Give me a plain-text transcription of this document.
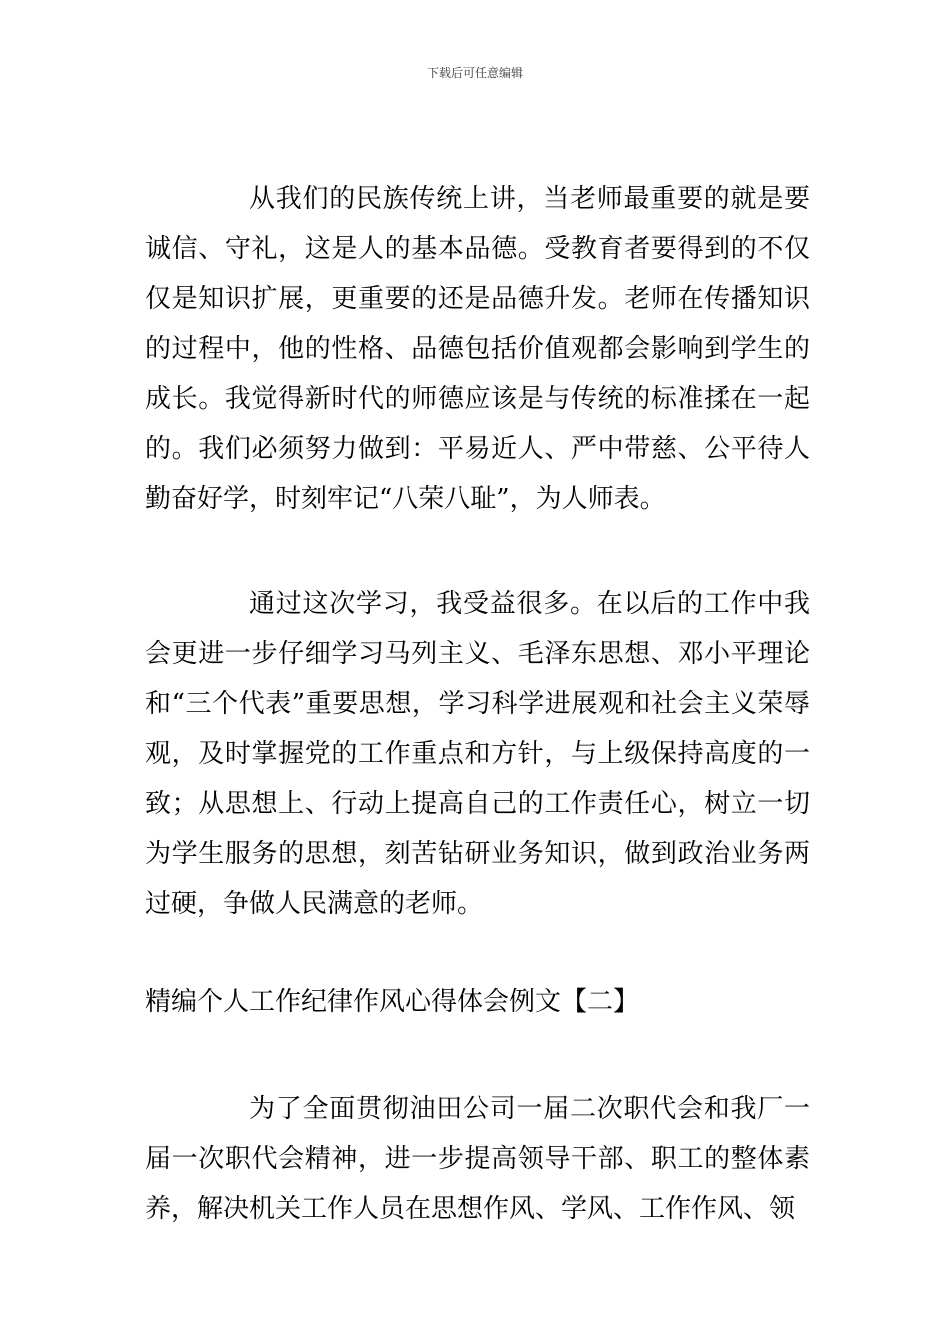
下载后可任意编辑

从我们的民族传统上讲，当老师最重要的就是要诚信、守礼，这是人的基本品德。受教育者要得到的不仅仅是知识扩展，更重要的还是品德升发。老师在传播知识的过程中，他的性格、品德包括价值观都会影响到学生的成长。我觉得新时代的师德应该是与传统的标准揉在一起的。我们必须努力做到：平易近人、严中带慈、公平待人勤奋好学，时刻牢记“八荣八耻”，为人师表。

通过这次学习，我受益很多。在以后的工作中我会更进一步仔细学习马列主义、毛泽东思想、邓小平理论和“三个代表”重要思想，学习科学进展观和社会主义荣辱观，及时掌握党的工作重点和方针，与上级保持高度的一致；从思想上、行动上提高自己的工作责任心，树立一切为学生服务的思想，刻苦钻研业务知识，做到政治业务两过硬，争做人民满意的老师。

精编个人工作纪律作风心得体会例文【二】

为了全面贯彻油田公司一届二次职代会和我厂一届一次职代会精神，进一步提高领导干部、职工的整体素养，解决机关工作人员在思想作风、学风、工作作风、领
